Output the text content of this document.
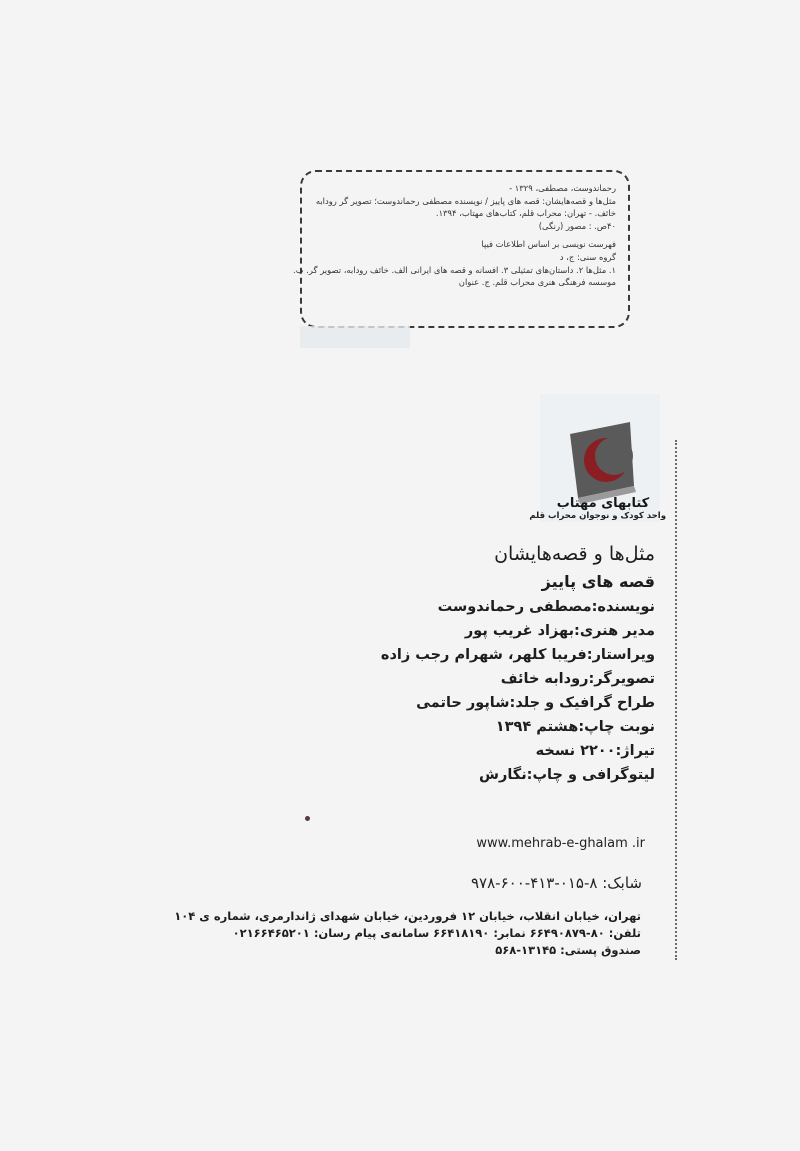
رحماندوست، مصطفی، ۱۳۲۹ -
مثل‌ها و قصه‌هایشان: قصه های پاییز / نویسنده مصطفی رحماندوست؛ تصویر گر رودابه
خائف. - تهران: محراب قلم، کتاب‌های مهتاب، ۱۳۹۴.
۴۰ص. : مصور (رنگی)
فهرست نویسی بر اساس اطلاعات فیپا
گروه سنی: ج، د
۱. مثل‌ها ۲. داستان‌های تمثیلی ۳. افسانه و قصه های ایرانی الف. خائف رودابه، تصویر گر. ب.
موسسه فرهنگی هنری محراب قلم. ج. عنوان
کتابهای مهتاب
واحد کودک و نوجوان محراب قلم
مثل‌ها و قصه‌هایشان
قصه های پاییز
نویسنده:مصطفی رحماندوست
مدیر هنری:بهزاد غریب پور
ویراستار:فریبا کلهر، شهرام رجب زاده
تصویرگر:رودابه خائف
طراح گرافیک و جلد:شاپور حاتمی
نوبت چاپ:هشتم ۱۳۹۴
تیراژ:۲۲۰۰ نسخه
لیتوگرافی و چاپ:نگارش
www.mehrab-e-ghalam .ir
شابک: ۸-۰۱۵-۴۱۳-۶۰۰-۹۷۸
تهران، خیابان انقلاب، خیابان ۱۲ فروردین، خیابان شهدای ژاندارمری، شماره ی ۱۰۴
تلفن: ۸۰-۶۶۴۹۰۸۷۹ نمابر: ۶۶۴۱۸۱۹۰ سامانه‌ی پیام رسان: ۰۲۱۶۶۴۶۵۲۰۱
صندوق پستی: ۱۳۱۴۵-۵۶۸
